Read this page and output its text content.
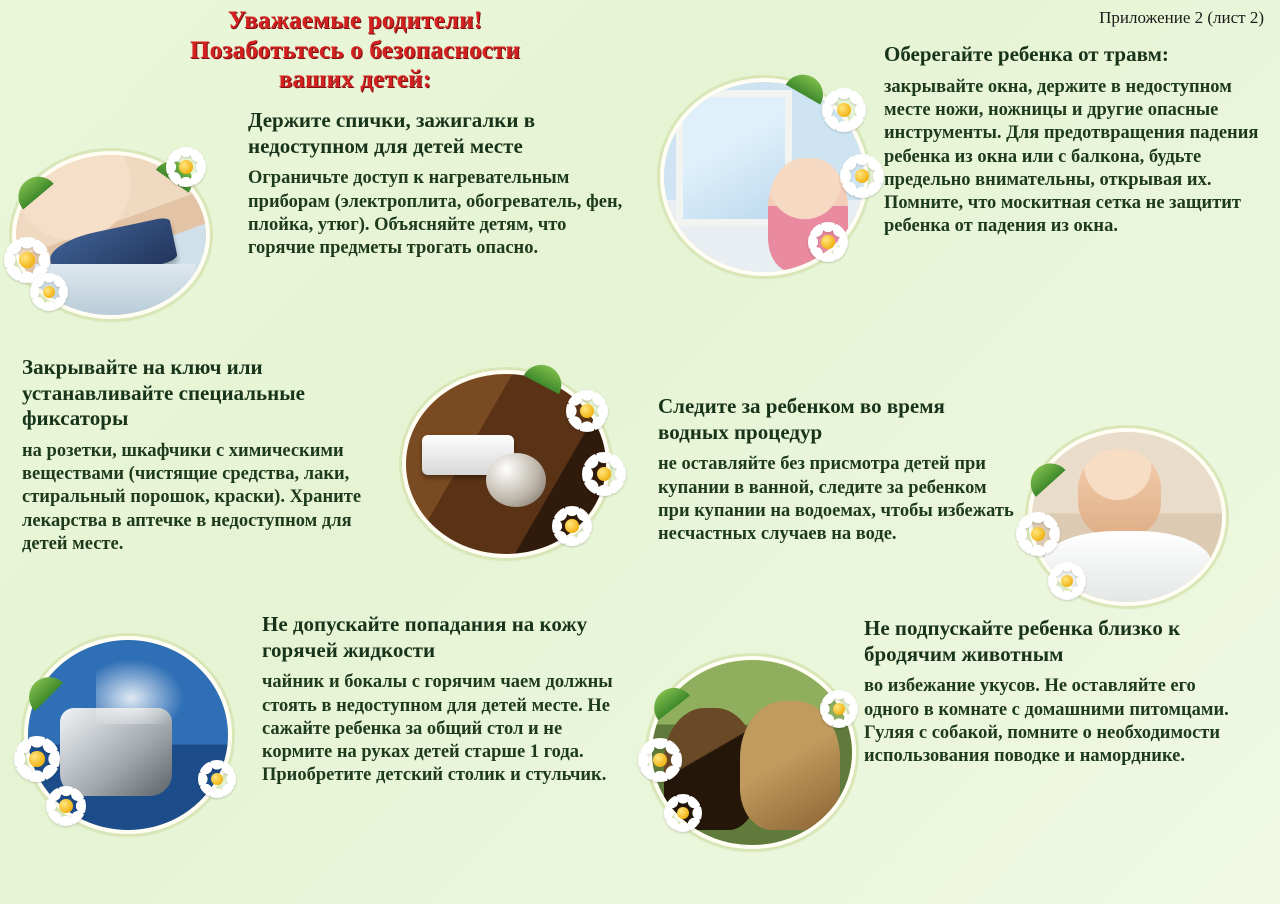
Приложение 2 (лист 2)
Уважаемые родители!
Позаботьтесь о безопасности
ваших детей:
Держите спички, зажигалки в недоступном для детей месте
Ограничьте доступ к нагревательным приборам (электроплита, обогреватель, фен, плойка, утюг). Объясняйте детям, что горячие предметы трогать опасно.
Закрывайте на ключ или устанавливайте специальные фиксаторы
на розетки, шкафчики с химическими веществами (чистящие средства, лаки, стиральный порошок, краски). Храните лекарства в аптечке в недоступном для детей месте.
Не допускайте попадания на кожу горячей жидкости
чайник и бокалы с горячим чаем должны стоять в недоступном для детей месте. Не сажайте ребенка за общий стол и не кормите на руках детей старше 1 года. Приобретите детский столик и стульчик.
Оберегайте ребенка от травм:
закрывайте окна, держите в недоступном месте ножи, ножницы и другие опасные инструменты. Для предотвращения падения ребенка из окна или с балкона, будьте предельно внимательны, открывая их. Помните, что москитная сетка не защитит ребенка от падения из окна.
Следите за ребенком во время водных процедур
не оставляйте без присмотра детей при купании в ванной, следите за ребенком при купании на водоемах, чтобы избежать несчастных случаев на воде.
Не подпускайте ребенка близко к бродячим животным
во избежание укусов. Не оставляйте его одного в комнате с домашними питомцами. Гуляя с собакой, помните о необходимости использования поводке и наморднике.
